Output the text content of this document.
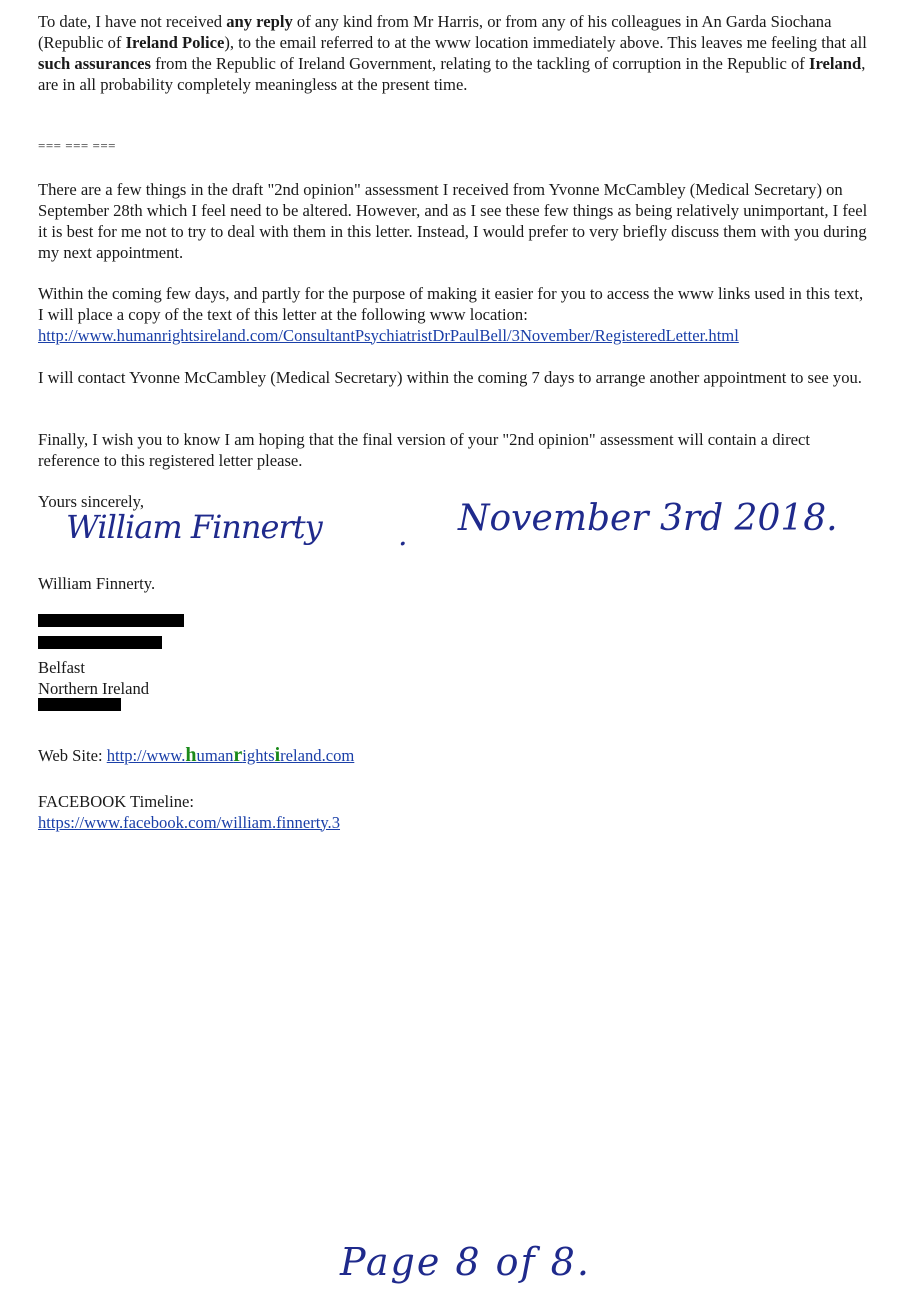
To date, I have not received any reply of any kind from Mr Harris, or from any of his colleagues in An Garda Siochana (Republic of Ireland Police), to the email referred to at the www location immediately above. This leaves me feeling that all such assurances from the Republic of Ireland Government, relating to the tackling of corruption in the Republic of Ireland, are in all probability completely meaningless at the present time.

=== === ===

There are a few things in the draft "2nd opinion" assessment I received from Yvonne McCambley (Medical Secretary) on September 28th which I feel need to be altered. However, and as I see these few things as being relatively unimportant, I feel it is best for me not to try to deal with them in this letter. Instead, I would prefer to very briefly discuss them with you during my next appointment.

Within the coming few days, and partly for the purpose of making it easier for you to access the www links used in this text, I will place a copy of the text of this letter at the following www location:
http://www.humanrightsireland.com/ConsultantPsychiatristDrPaulBell/3November/RegisteredLetter.html

I will contact Yvonne McCambley (Medical Secretary) within the coming 7 days to arrange another appointment to see you.

Finally, I wish you to know I am hoping that the final version of your "2nd opinion" assessment will contain a direct reference to this registered letter please.

Yours sincerely,

William Finnerty	. November 3rd 2018.

William Finnerty.

Belfast

Northern Ireland

Web Site: http://www.humanrightsireland.com

FACEBOOK Timeline:
https://www.facebook.com/william.finnerty.3

Page 8 of 8.
